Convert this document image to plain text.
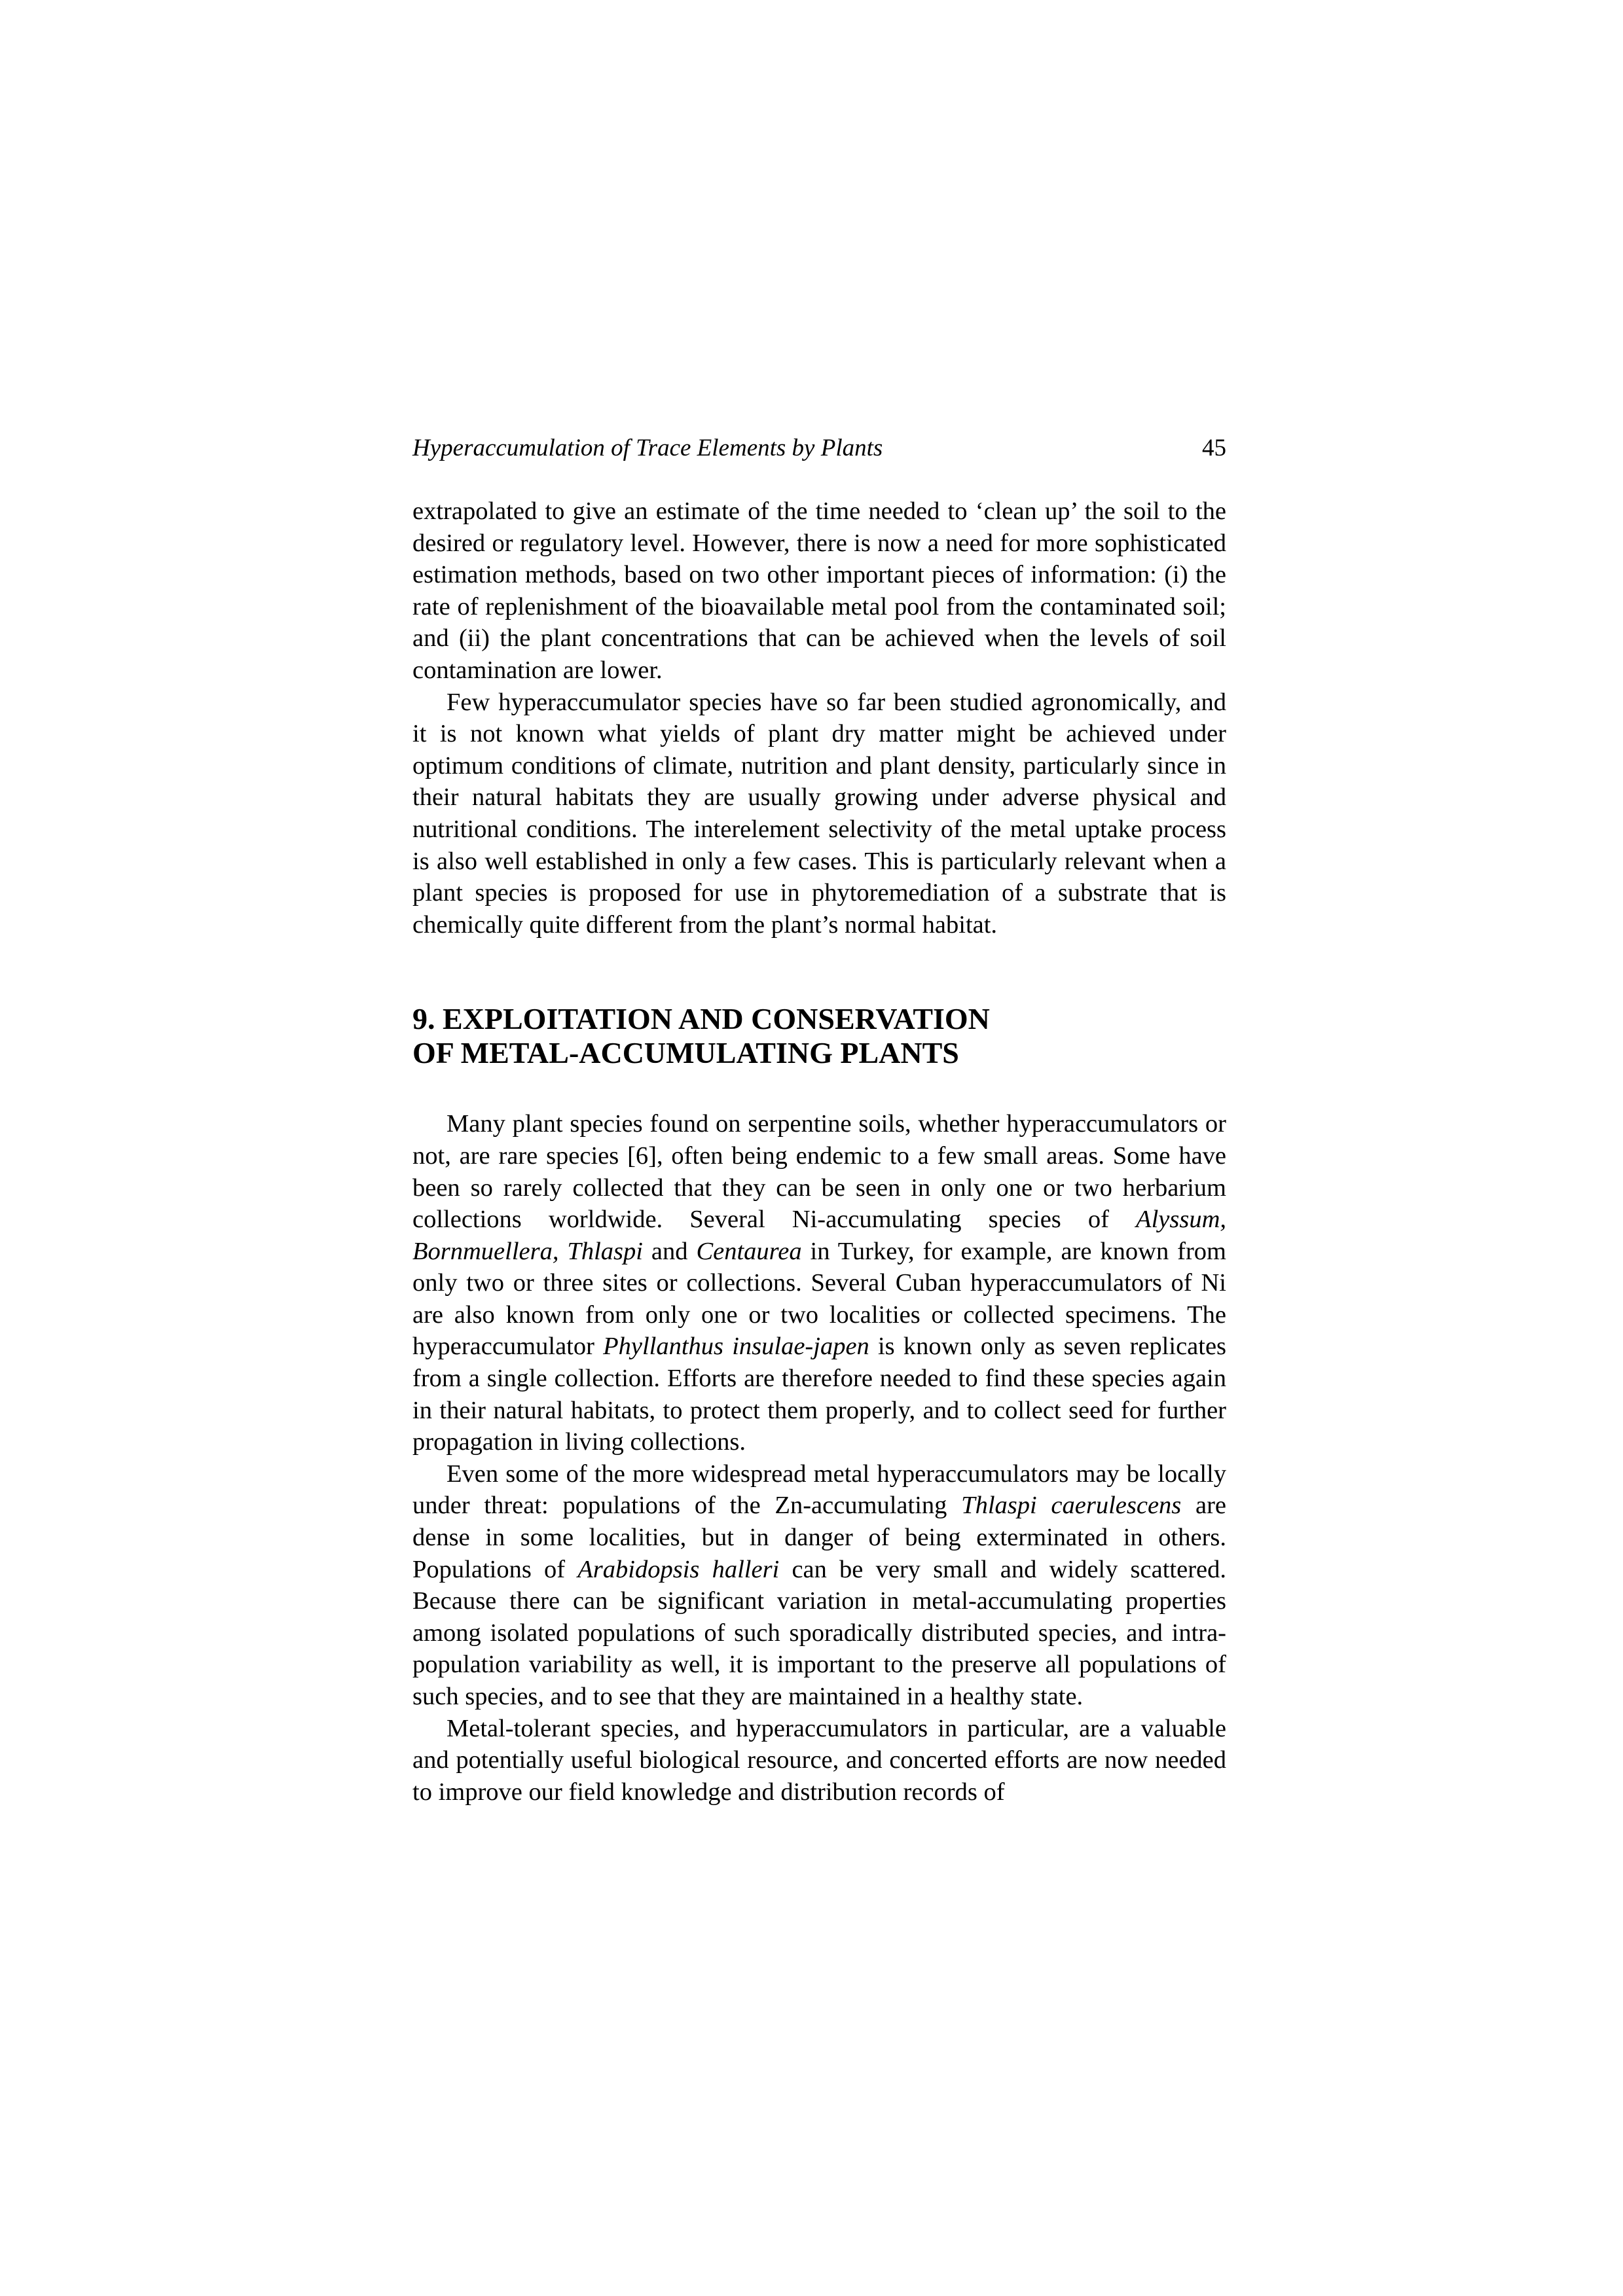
Hyperaccumulation of Trace Elements by Plants	45

extrapolated to give an estimate of the time needed to ‘clean up’ the soil to the desired or regulatory level. However, there is now a need for more sophisticated estimation methods, based on two other important pieces of information: (i) the rate of replenishment of the bioavailable metal pool from the contaminated soil; and (ii) the plant concentrations that can be achieved when the levels of soil contamination are lower.

Few hyperaccumulator species have so far been studied agronomically, and it is not known what yields of plant dry matter might be achieved under optimum conditions of climate, nutrition and plant density, particularly since in their natural habitats they are usually growing under adverse physical and nutritional conditions. The interelement selectivity of the metal uptake process is also well established in only a few cases. This is particularly relevant when a plant species is proposed for use in phytoremediation of a substrate that is chemically quite different from the plant’s normal habitat.

9. EXPLOITATION AND CONSERVATION
OF METAL-ACCUMULATING PLANTS

Many plant species found on serpentine soils, whether hyperaccumulators or not, are rare species [6], often being endemic to a few small areas. Some have been so rarely collected that they can be seen in only one or two herbarium collections worldwide. Several Ni-accumulating species of Alyssum, Bornmuellera, Thlaspi and Centaurea in Turkey, for example, are known from only two or three sites or collections. Several Cuban hyperaccumulators of Ni are also known from only one or two localities or collected specimens. The hyperaccumulator Phyllanthus insulae-japen is known only as seven replicates from a single collection. Efforts are therefore needed to find these species again in their natural habitats, to protect them properly, and to collect seed for further propagation in living collections.

Even some of the more widespread metal hyperaccumulators may be locally under threat: populations of the Zn-accumulating Thlaspi caerulescens are dense in some localities, but in danger of being exterminated in others. Populations of Arabidopsis halleri can be very small and widely scattered. Because there can be significant variation in metal-accumulating properties among isolated populations of such sporadically distributed species, and intra-population variability as well, it is important to the preserve all populations of such species, and to see that they are maintained in a healthy state.

Metal-tolerant species, and hyperaccumulators in particular, are a valuable and potentially useful biological resource, and concerted efforts are now needed to improve our field knowledge and distribution records of
